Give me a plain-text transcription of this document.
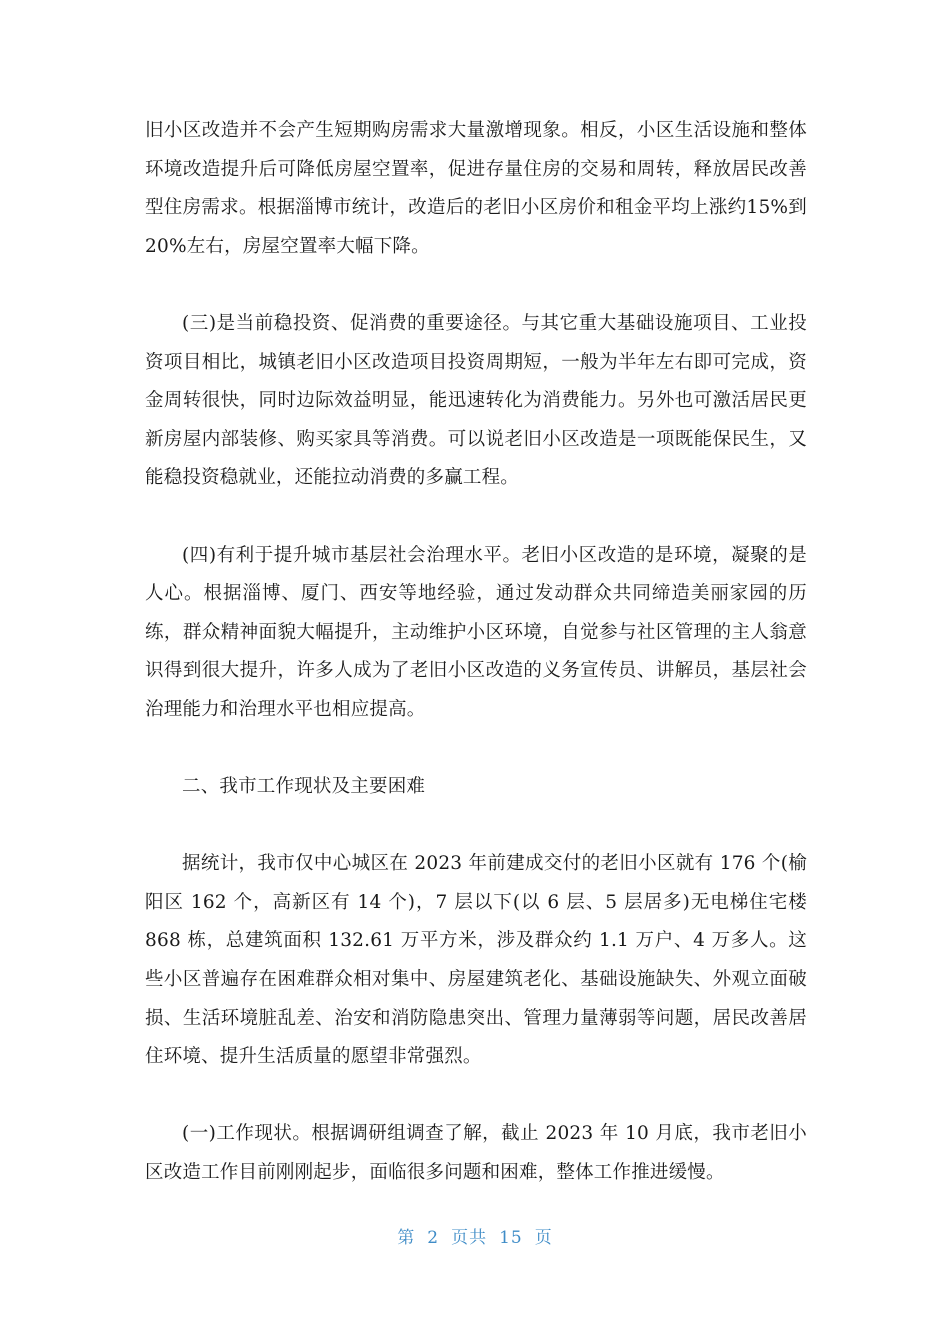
旧小区改造并不会产生短期购房需求大量激增现象。相反，小区生活设施和整体环境改造提升后可降低房屋空置率，促进存量住房的交易和周转，释放居民改善型住房需求。根据淄博市统计，改造后的老旧小区房价和租金平均上涨约15%到 20%左右，房屋空置率大幅下降。

(三)是当前稳投资、促消费的重要途径。与其它重大基础设施项目、工业投资项目相比，城镇老旧小区改造项目投资周期短，一般为半年左右即可完成，资金周转很快，同时边际效益明显，能迅速转化为消费能力。另外也可激活居民更新房屋内部装修、购买家具等消费。可以说老旧小区改造是一项既能保民生，又能稳投资稳就业，还能拉动消费的多赢工程。

(四)有利于提升城市基层社会治理水平。老旧小区改造的是环境，凝聚的是人心。根据淄博、厦门、西安等地经验，通过发动群众共同缔造美丽家园的历练，群众精神面貌大幅提升，主动维护小区环境，自觉参与社区管理的主人翁意识得到很大提升，许多人成为了老旧小区改造的义务宣传员、讲解员，基层社会治理能力和治理水平也相应提高。

二、我市工作现状及主要困难

据统计，我市仅中心城区在 2023 年前建成交付的老旧小区就有 176 个(榆阳区 162 个，高新区有 14 个)，7 层以下(以 6 层、5 层居多)无电梯住宅楼 868 栋，总建筑面积 132.61 万平方米，涉及群众约 1.1 万户、4 万多人。这些小区普遍存在困难群众相对集中、房屋建筑老化、基础设施缺失、外观立面破损、生活环境脏乱差、治安和消防隐患突出、管理力量薄弱等问题，居民改善居住环境、提升生活质量的愿望非常强烈。

(一)工作现状。根据调研组调查了解，截止 2023 年 10 月底，我市老旧小区改造工作目前刚刚起步，面临很多问题和困难，整体工作推进缓慢。

第 2 页共 15 页
